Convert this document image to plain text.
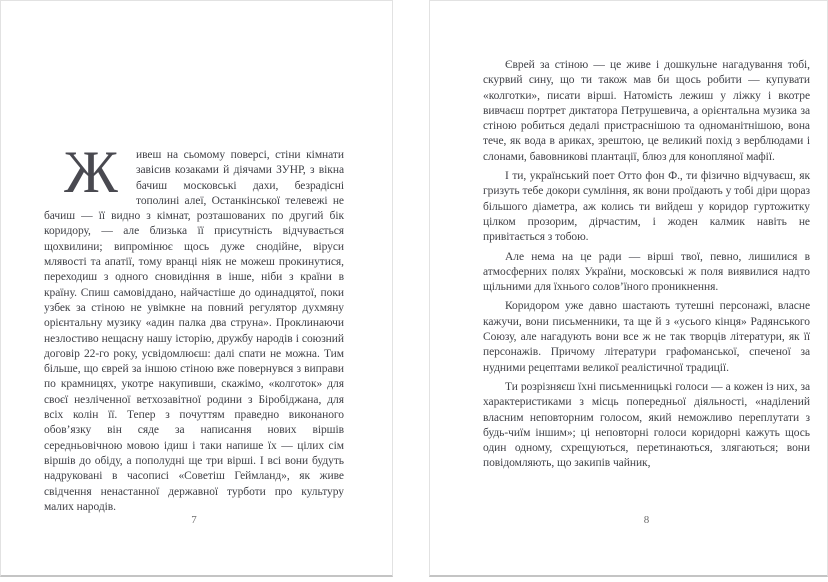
Ж	ивеш на сьомому поверсі, стіни кімнати завісив козаками й діячами ЗУНР, з вікна бачиш московські дахи, безрадісні тополині алеї, Останкінської телевежі не бачиш — її видно з кімнат, розташованих по другий бік коридору, — але близька її присутність відчувається щохвилини; випромінює щось дуже снодійне, віруси млявості та апатії, тому вранці ніяк не можеш прокинутися, переходиш з одного сновидіння в інше, ніби з країни в країну. Спиш самовіддано, найчастіше до одинадцятої, поки узбек за стіною не увімкне на повний регулятор духмяну орієнтальну музику «адин палка два струна». Проклинаючи незлостиво нещасну нашу історію, дружбу народів і союзний договір 22-го року, усвідомлюєш: далі спати не можна. Тим більше, що єврей за іншою стіною вже повернувся з виправи по крамницях, укотре накупивши, скажімо, «колготок» для своєї незліченної ветхозавітної родини з Біробіджана, для всіх колін її. Тепер з почуттям праведно виконаного обов’язку він сяде за написання нових віршів середньовічною мовою ідиш і таки напише їх — цілих сім віршів до обіду, а пополудні ще три вірші. І всі вони будуть надруковані в часописі «Советіш Геймланд», як живе свідчення ненастанної державної турботи про культуру малих народів.

7

Єврей за стіною — це живе і дошкульне нагадування тобі, скурвий сину, що ти також мав би щось робити — купувати «колготки», писати вірші. Натомість лежиш у ліжку і вкотре вивчаєш портрет диктатора Петрушевича, а орієнтальна музика за стіною робиться дедалі пристраснішою та одноманітнішою, вона тече, як вода в ариках, зрештою, це великий похід з верблюдами і слонами, бавовникові плантації, блюз для конопляної мафії.

І ти, український поет Отто фон Ф., ти фізично відчуваєш, як гризуть тебе докори сумління, як вони проїдають у тобі діри щораз більшого діаметра, аж колись ти вийдеш у коридор гуртожитку цілком прозорим, дірчастим, і жоден калмик навіть не привітається з тобою.

Але нема на це ради — вірші твої, певно, лишилися в атмосферних полях України, московські ж поля виявилися надто щільними для їхнього солов’їного проникнення.

Коридором уже давно шастають тутешні персонажі, власне кажучи, вони письменники, та ще й з «усього кінця» Радянського Союзу, але нагадують вони все ж не так творців літератури, як її персонажів. Причому літератури графоманської, спеченої за нудними рецептами великої реалістичної традиції.

Ти розрізняєш їхні письменницькі голоси — а кожен із них, за характеристиками з місць попередньої діяльності, «наділений власним неповторним голосом, який неможливо переплутати з будь-чиїм іншим»; ці неповторні голоси коридорні кажуть щось один одному, схрещуються, перетинаються, злягаються; вони повідомляють, що закипів чайник,

8
